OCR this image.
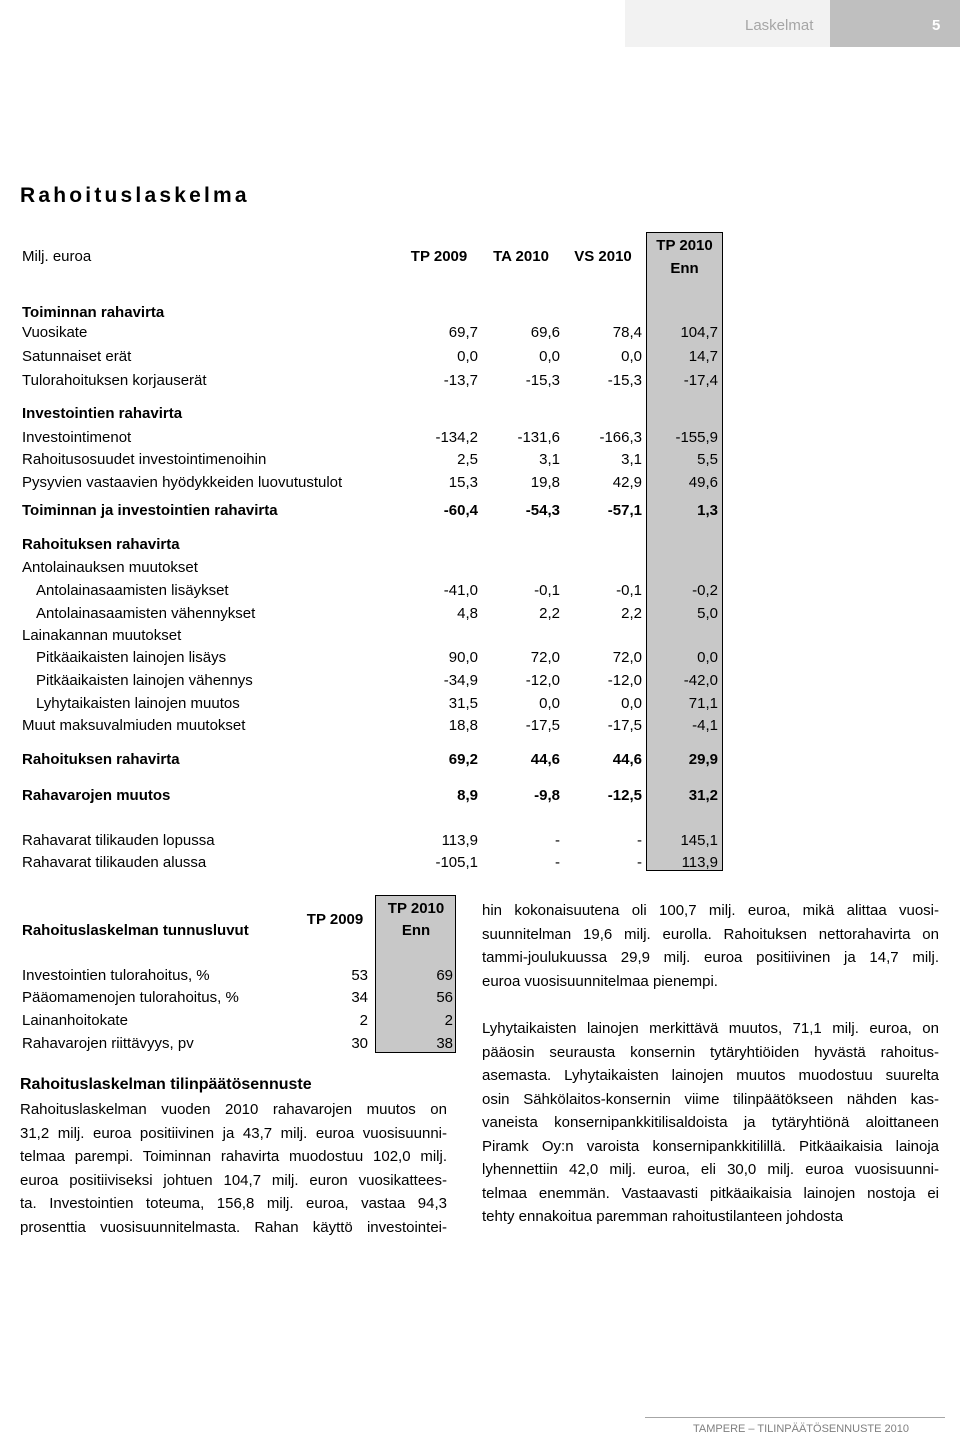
Laskelmat	5
Rahoituslaskelma
Milj. euroa	TP 2009	TA 2010	VS 2010
TP 2010
Enn
Toiminnan rahavirta
Vuosikate	69,7	69,6	78,4	104,7
Satunnaiset erät	0,0	0,0	0,0	14,7
Tulorahoituksen korjauserät	-13,7	-15,3	-15,3	-17,4
Investointien rahavirta
Investointimenot	-134,2	-131,6	-166,3	-155,9
Rahoitusosuudet investointimenoihin	2,5	3,1	3,1	5,5
Pysyvien vastaavien hyödykkeiden luovutustulot	15,3	19,8	42,9	49,6
Toiminnan ja investointien rahavirta	-60,4	-54,3	-57,1	1,3
Rahoituksen rahavirta
Antolainauksen muutokset
Antolainasaamisten lisäykset	-41,0	-0,1	-0,1	-0,2
Antolainasaamisten vähennykset	4,8	2,2	2,2	5,0
Lainakannan muutokset
Pitkäaikaisten lainojen lisäys	90,0	72,0	72,0	0,0
Pitkäaikaisten lainojen vähennys	-34,9	-12,0	-12,0	-42,0
Lyhytaikaisten lainojen muutos	31,5	0,0	0,0	71,1
Muut maksuvalmiuden muutokset	18,8	-17,5	-17,5	-4,1
Rahoituksen rahavirta	69,2	44,6	44,6	29,9
Rahavarojen muutos	8,9	-9,8	-12,5	31,2
Rahavarat tilikauden lopussa	113,9	-	-	145,1
Rahavarat tilikauden alussa	-105,1	-	-	113,9
Rahoituslaskelman tunnusluvut
TP 2009
TP 2010
Enn
Investointien tulorahoitus, %	53	69
Pääomamenojen tulorahoitus, %	34	56
Lainanhoitokate	2	2
Rahavarojen riittävyys, pv	30	38
Rahoituslaskelman tilinpäätösennuste
Rahoituslaskelman vuoden 2010 rahavarojen muutos on
31,2 milj. euroa positiivinen ja 43,7 milj. euroa vuosisuunni-
telmaa parempi. Toiminnan rahavirta muodostuu 102,0 milj.
euroa positiiviseksi johtuen 104,7 milj. euron vuosikattees-
ta. Investointien toteuma, 156,8 milj. euroa, vastaa 94,3
prosenttia vuosisuunnitelmasta. Rahan käyttö investointei-
hin kokonaisuutena oli 100,7 milj. euroa, mikä alittaa vuosi-
suunnitelman 19,6 milj. eurolla. Rahoituksen nettorahavirta on
tammi-joulukuussa 29,9 milj. euroa positiivinen ja 14,7 milj.
euroa vuosisuunnitelmaa pienempi.
Lyhytaikaisten lainojen merkittävä muutos, 71,1 milj. euroa, on
pääosin seurausta konsernin tytäryhtiöiden hyvästä rahoitus-
asemasta. Lyhytaikaisten lainojen muutos muodostuu suurelta
osin Sähkölaitos-konsernin viime tilinpäätökseen nähden kas-
vaneista konsernipankkitilisaldoista ja tytäryhtiönä aloittaneen
Piramk Oy:n varoista konsernipankkitilillä. Pitkäaikaisia lainoja
lyhennettiin 42,0 milj. euroa, eli 30,0 milj. euroa vuosisuunni-
telmaa enemmän. Vastaavasti pitkäaikaisia lainojen nostoja ei
tehty ennakoitua paremman rahoitustilanteen johdosta
TAMPERE – TILINPÄÄTÖSENNUSTE 2010
